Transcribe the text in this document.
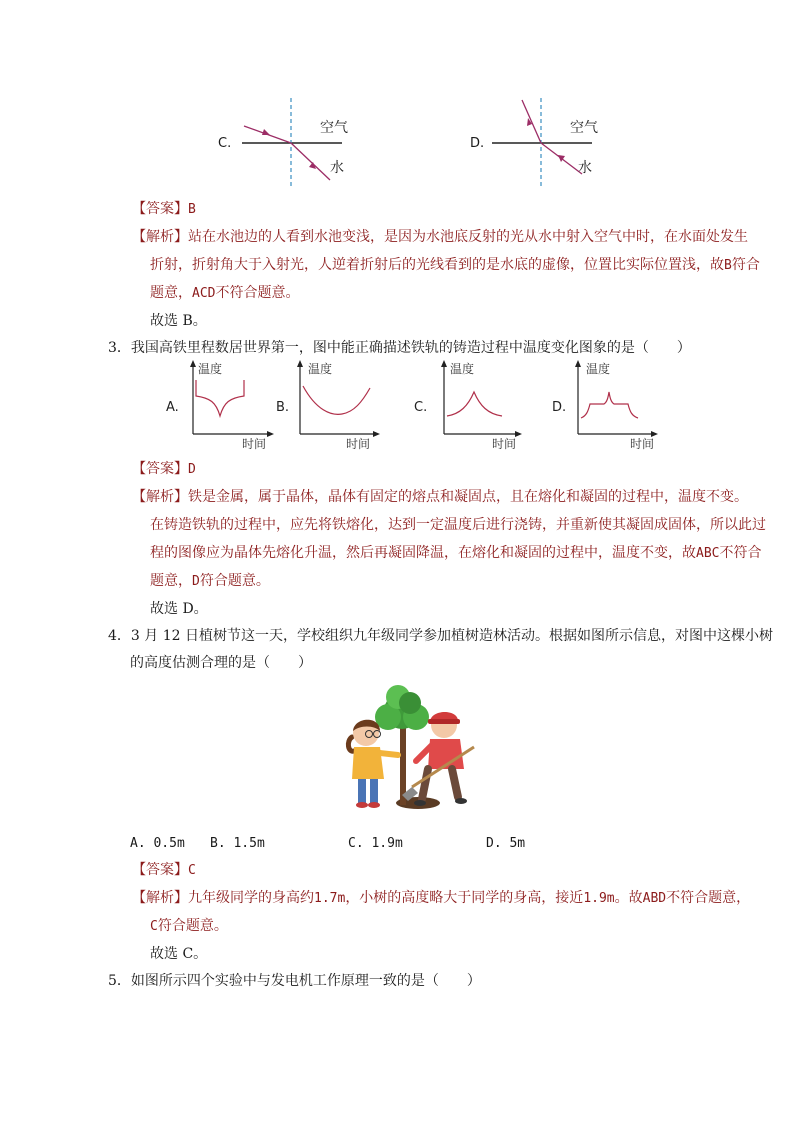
C.
空气
水
D.
空气
水
【答案】B
【解析】站在水池边的人看到水池变浅，是因为水池底反射的光从水中射入空气中时，在水面处发生
折射，折射角大于入射光，人逆着折射后的光线看到的是水底的虚像，位置比实际位置浅，故B符合
题意，ACD不符合题意。
故选 B。
3．我国高铁里程数居世界第一，图中能正确描述铁轨的铸造过程中温度变化图象的是（　　）
A.
温度
时间
B.
温度
时间
C.
温度
时间
D.
温度
时间
【答案】D
【解析】铁是金属，属于晶体，晶体有固定的熔点和凝固点，且在熔化和凝固的过程中，温度不变。
在铸造铁轨的过程中，应先将铁熔化，达到一定温度后进行浇铸，并重新使其凝固成固体，所以此过
程的图像应为晶体先熔化升温，然后再凝固降温，在熔化和凝固的过程中，温度不变，故ABC不符合
题意，D符合题意。
故选 D。
4．3 月 12 日植树节这一天，学校组织九年级同学参加植树造林活动。根据如图所示信息，对图中这棵小树
的高度估测合理的是（　　）
A. 0.5m B. 1.5m	C. 1.9m	D. 5m
【答案】C
【解析】九年级同学的身高约1.7m，小树的高度略大于同学的身高，接近1.9m。故ABD不符合题意，
C符合题意。
故选 C。
5．如图所示四个实验中与发电机工作原理一致的是（　　）
